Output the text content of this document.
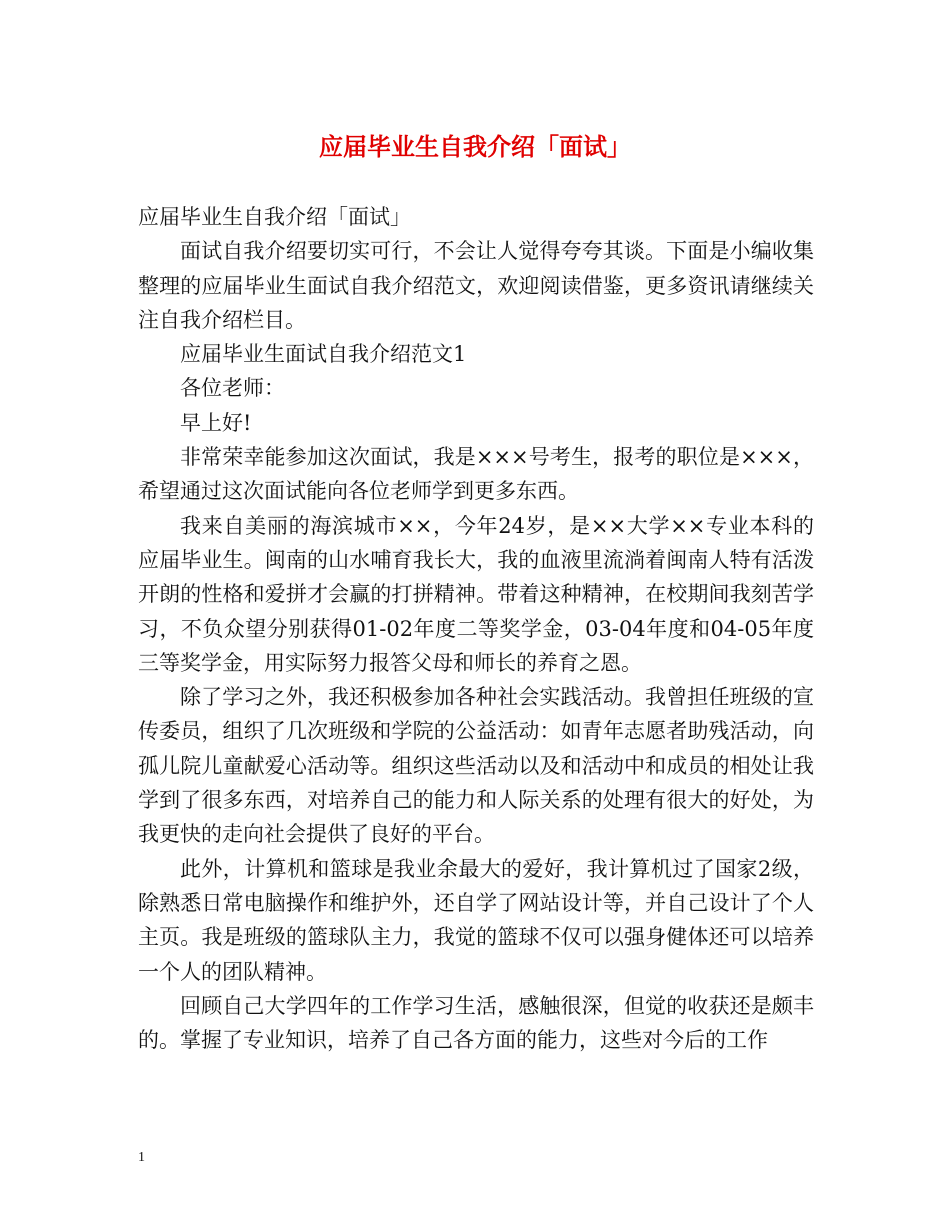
应届毕业生自我介绍「面试」

应届毕业生自我介绍「面试」

面试自我介绍要切实可行，不会让人觉得夸夸其谈。下面是小编收集整理的应届毕业生面试自我介绍范文，欢迎阅读借鉴，更多资讯请继续关注自我介绍栏目。

应届毕业生面试自我介绍范文1

各位老师：

早上好!

非常荣幸能参加这次面试，我是×××号考生，报考的职位是×××，希望通过这次面试能向各位老师学到更多东西。

我来自美丽的海滨城市××，今年24岁，是××大学××专业本科的应届毕业生。闽南的山水哺育我长大，我的血液里流淌着闽南人特有活泼开朗的性格和爱拼才会赢的打拼精神。带着这种精神，在校期间我刻苦学习，不负众望分别获得01-02年度二等奖学金，03-04年度和04-05年度三等奖学金，用实际努力报答父母和师长的养育之恩。

除了学习之外，我还积极参加各种社会实践活动。我曾担任班级的宣传委员，组织了几次班级和学院的公益活动：如青年志愿者助残活动，向孤儿院儿童献爱心活动等。组织这些活动以及和活动中和成员的相处让我学到了很多东西，对培养自己的能力和人际关系的处理有很大的好处，为我更快的走向社会提供了良好的平台。

此外，计算机和篮球是我业余最大的爱好，我计算机过了国家2级，除熟悉日常电脑操作和维护外，还自学了网站设计等，并自己设计了个人主页。我是班级的篮球队主力，我觉的篮球不仅可以强身健体还可以培养一个人的团队精神。

回顾自己大学四年的工作学习生活，感触很深，但觉的收获还是颇丰的。掌握了专业知识，培养了自己各方面的能力，这些对今后的工作

1
